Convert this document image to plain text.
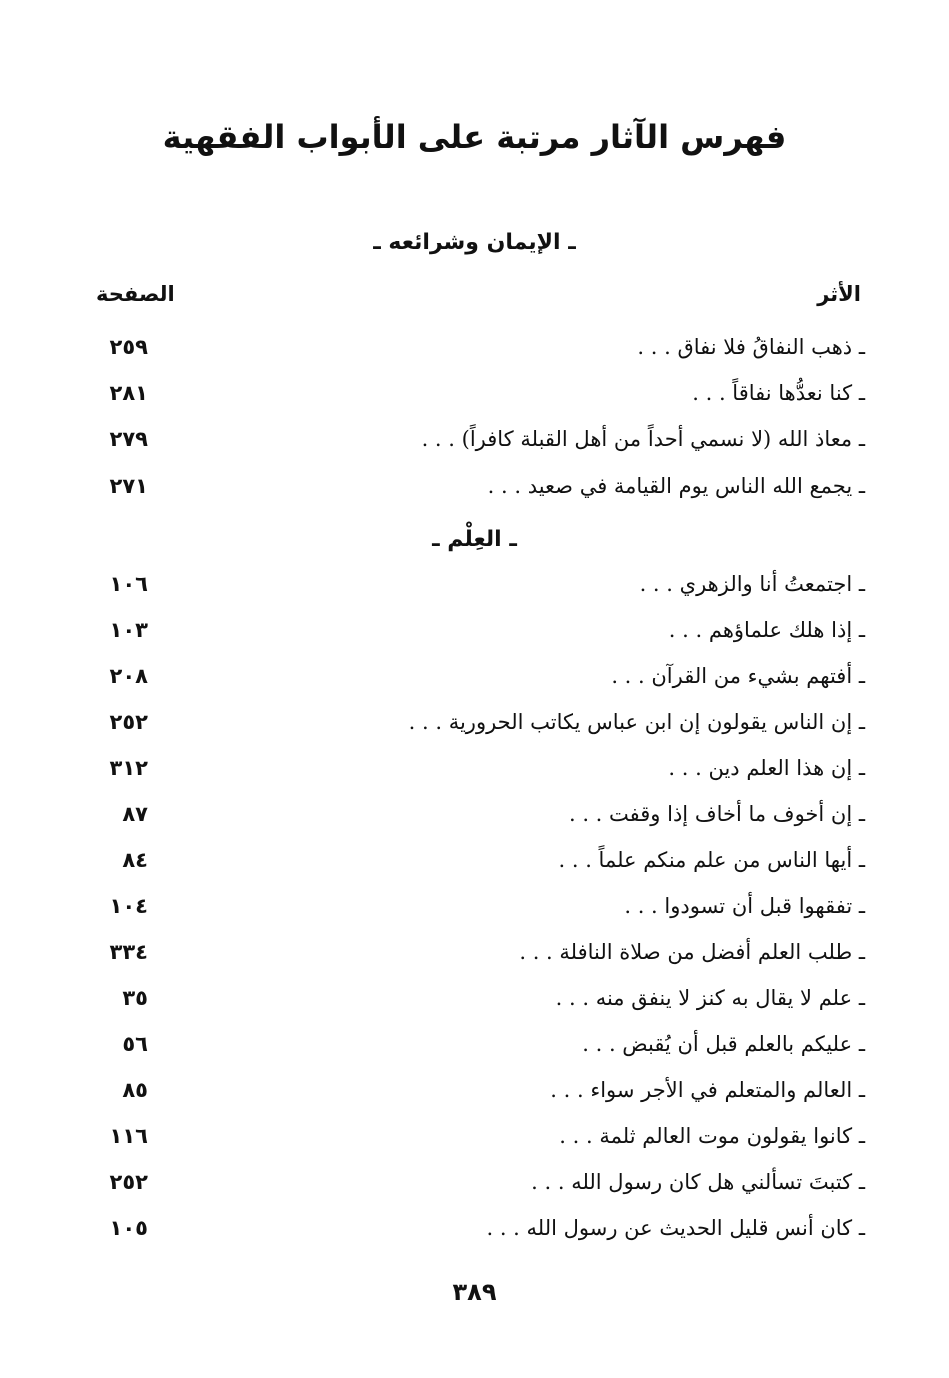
فهرس الآثار مرتبة على الأبواب الفقهية
ـ الإيمان وشرائعه ـ
الأثر
الصفحة
ـ ذهب النفاقُ فلا نفاق . . .
٢٥٩
ـ كنا نعدُّها نفاقاً . . .
٢٨١
ـ معاذ الله (لا نسمي أحداً من أهل القبلة كافراً) . . .
٢٧٩
ـ يجمع الله الناس يوم القيامة في صعيد . . .
٢٧١
ـ العِلْم ـ
ـ اجتمعتُ أنا والزهري . . .
١٠٦
ـ إذا هلك علماؤهم . . .
١٠٣
ـ أفتهم بشيء من القرآن . . .
٢٠٨
ـ إن الناس يقولون إن ابن عباس يكاتب الحرورية . . .
٢٥٢
ـ إن هذا العلم دين . . .
٣١٢
ـ إن أخوف ما أخاف إذا وقفت . . .
٨٧
ـ أيها الناس من علم منكم علماً . . .
٨٤
ـ تفقهوا قبل أن تسودوا . . .
١٠٤
ـ طلب العلم أفضل من صلاة النافلة . . .
٣٣٤
ـ علم لا يقال به كنز لا ينفق منه . . .
٣٥
ـ عليكم بالعلم قبل أن يُقبض . . .
٥٦
ـ العالم والمتعلم في الأجر سواء . . .
٨٥
ـ كانوا يقولون موت العالم ثلمة . . .
١١٦
ـ كتبتَ تسألني هل كان رسول الله . . .
٢٥٢
ـ كان أنس قليل الحديث عن رسول الله . . .
١٠٥
٣٨٩
